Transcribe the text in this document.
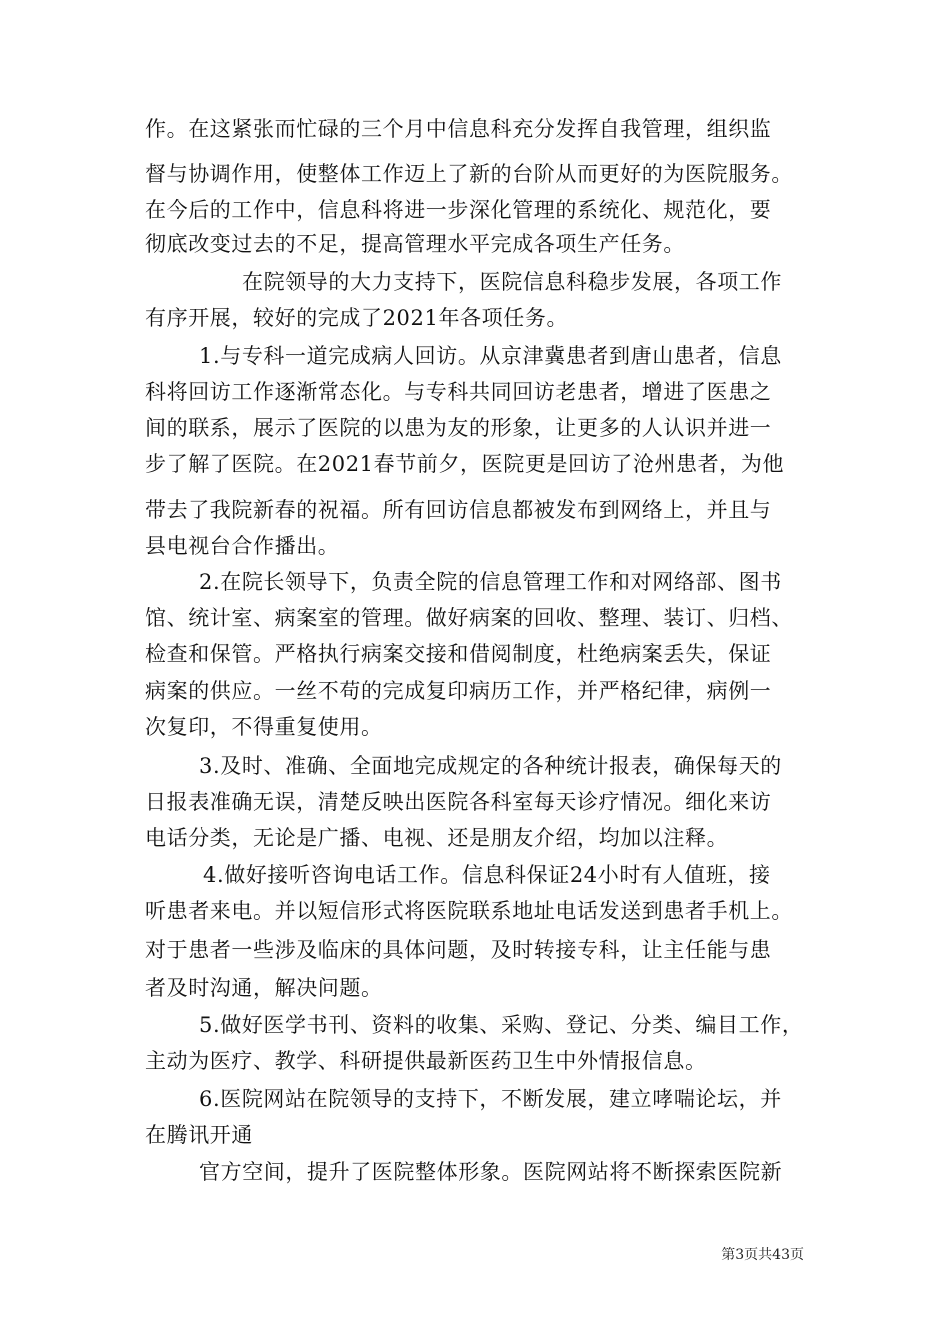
作。在这紧张而忙碌的三个月中信息科充分发挥自我管理，组织监
督与协调作用，使整体工作迈上了新的台阶从而更好的为医院服务。
在今后的工作中，信息科将进一步深化管理的系统化、规范化，要
彻底改变过去的不足，提高管理水平完成各项生产任务。
在院领导的大力支持下，医院信息科稳步发展，各项工作
有序开展，较好的完成了2021年各项任务。
1.与专科一道完成病人回访。从京津冀患者到唐山患者，信息
科将回访工作逐渐常态化。与专科共同回访老患者，增进了医患之
间的联系，展示了医院的以患为友的形象，让更多的人认识并进一
步了解了医院。在2021春节前夕，医院更是回访了沧州患者，为他
带去了我院新春的祝福。所有回访信息都被发布到网络上，并且与
县电视台合作播出。
2.在院长领导下，负责全院的信息管理工作和对网络部、图书
馆、统计室、病案室的管理。做好病案的回收、整理、装订、归档、
检查和保管。严格执行病案交接和借阅制度，杜绝病案丢失，保证
病案的供应。一丝不苟的完成复印病历工作，并严格纪律，病例一
次复印，不得重复使用。
3.及时、准确、全面地完成规定的各种统计报表，确保每天的
日报表准确无误，清楚反映出医院各科室每天诊疗情况。细化来访
电话分类，无论是广播、电视、还是朋友介绍，均加以注释。
4.做好接听咨询电话工作。信息科保证24小时有人值班，接
听患者来电。并以短信形式将医院联系地址电话发送到患者手机上。
对于患者一些涉及临床的具体问题，及时转接专科，让主任能与患
者及时沟通，解决问题。
5.做好医学书刊、资料的收集、采购、登记、分类、编目工作，
主动为医疗、教学、科研提供最新医药卫生中外情报信息。
6.医院网站在院领导的支持下，不断发展，建立哮喘论坛，并
在腾讯开通
官方空间，提升了医院整体形象。医院网站将不断探索医院新
第3页共43页
